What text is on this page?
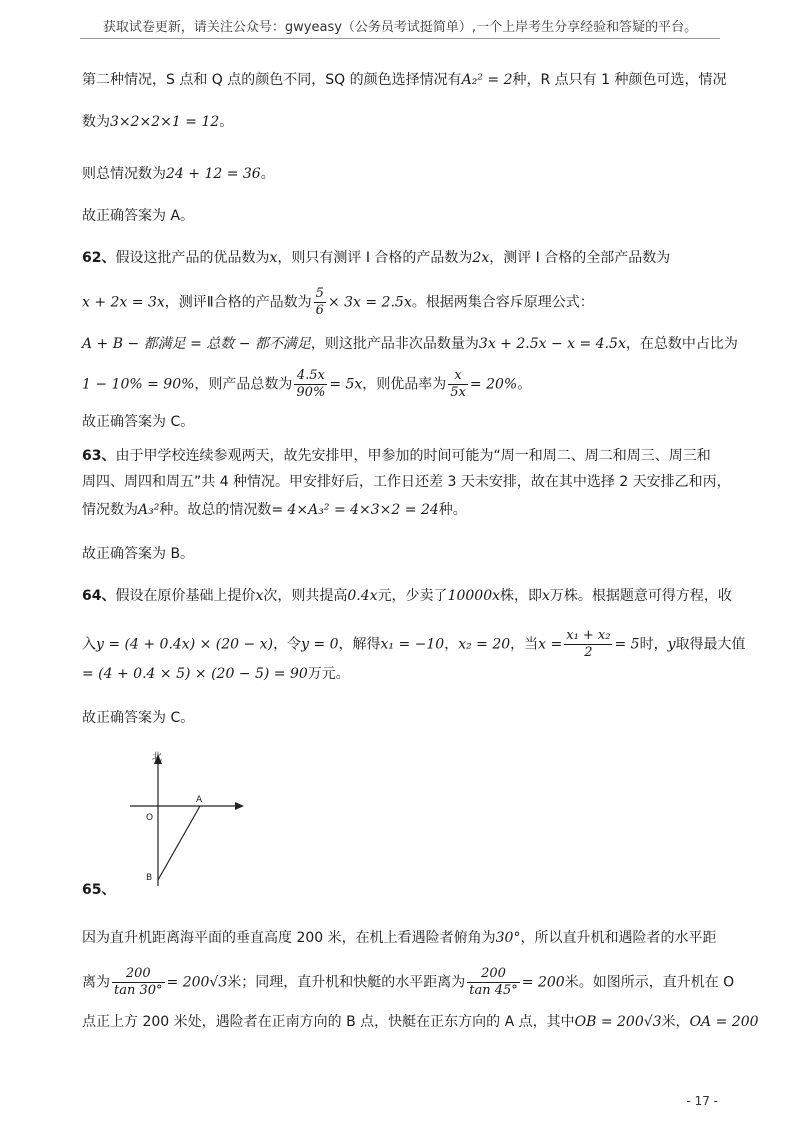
获取试卷更新，请关注公众号：gwyeasy（公务员考试挺简单）,一个上岸考生分享经验和答疑的平台。
第二种情况，S 点和 Q 点的颜色不同，SQ 的颜色选择情况有A₂² = 2种，R 点只有 1 种颜色可选，情况
数为3×2×2×1 = 12。
则总情况数为24 + 12 = 36。
故正确答案为 A。
62、假设这批产品的优品数为x，则只有测评 Ⅰ 合格的产品数为2x，测评 Ⅰ 合格的全部产品数为
x + 2x = 3x，测评Ⅱ合格的产品数为 $\frac{5}{6} \times 3x = 2.5x$。根据两集合容斥原理公式：
A + B − 都满足 = 总数 − 都不满足，则这批产品非次品数量为3x + 2.5x − x = 4.5x，在总数中占比为
1 − 10% = 90%，则产品总数为 $\frac{4.5x}{90\%} = 5x$，则优品率为 $\frac{x}{5x} = 20\%$。
故正确答案为 C。
63、由于甲学校连续参观两天，故先安排甲，甲参加的时间可能为“周一和周二、周二和周三、周三和
周四、周四和周五”共 4 种情况。甲安排好后，工作日还差 3 天未安排，故在其中选择 2 天安排乙和丙，
情况数为A₃²种。故总的情况数= 4×A₃² = 4×3×2 = 24种。
故正确答案为 B。
64、假设在原价基础上提价x次，则共提高0.4x元，少卖了10000x株，即x万株。根据题意可得方程，收
入y = (4 + 0.4x) × (20 − x)，令y = 0，解得x₁ = −10，x₂ = 20，当$x = \frac{\text{x₁ + x₂}}{2} = 5$时，y取得最大值
= (4 + 0.4 × 5) × (20 − 5) = 90万元。
故正确答案为 C。
北
O
A
B
65、
因为直升机距离海平面的垂直高度 200 米，在机上看遇险者俯角为30°，所以直升机和遇险者的水平距
离为 $\frac{200}{\tan 30^\circ} = 200√3$米；同理，直升机和快艇的水平距离为 $\frac{200}{\tan 45^\circ} = 200$米。如图所示，直升机在 O
点正上方 200 米处，遇险者在正南方向的 B 点，快艇在正东方向的 A 点，其中OB = 200√3米，OA = 200
- 17 -
